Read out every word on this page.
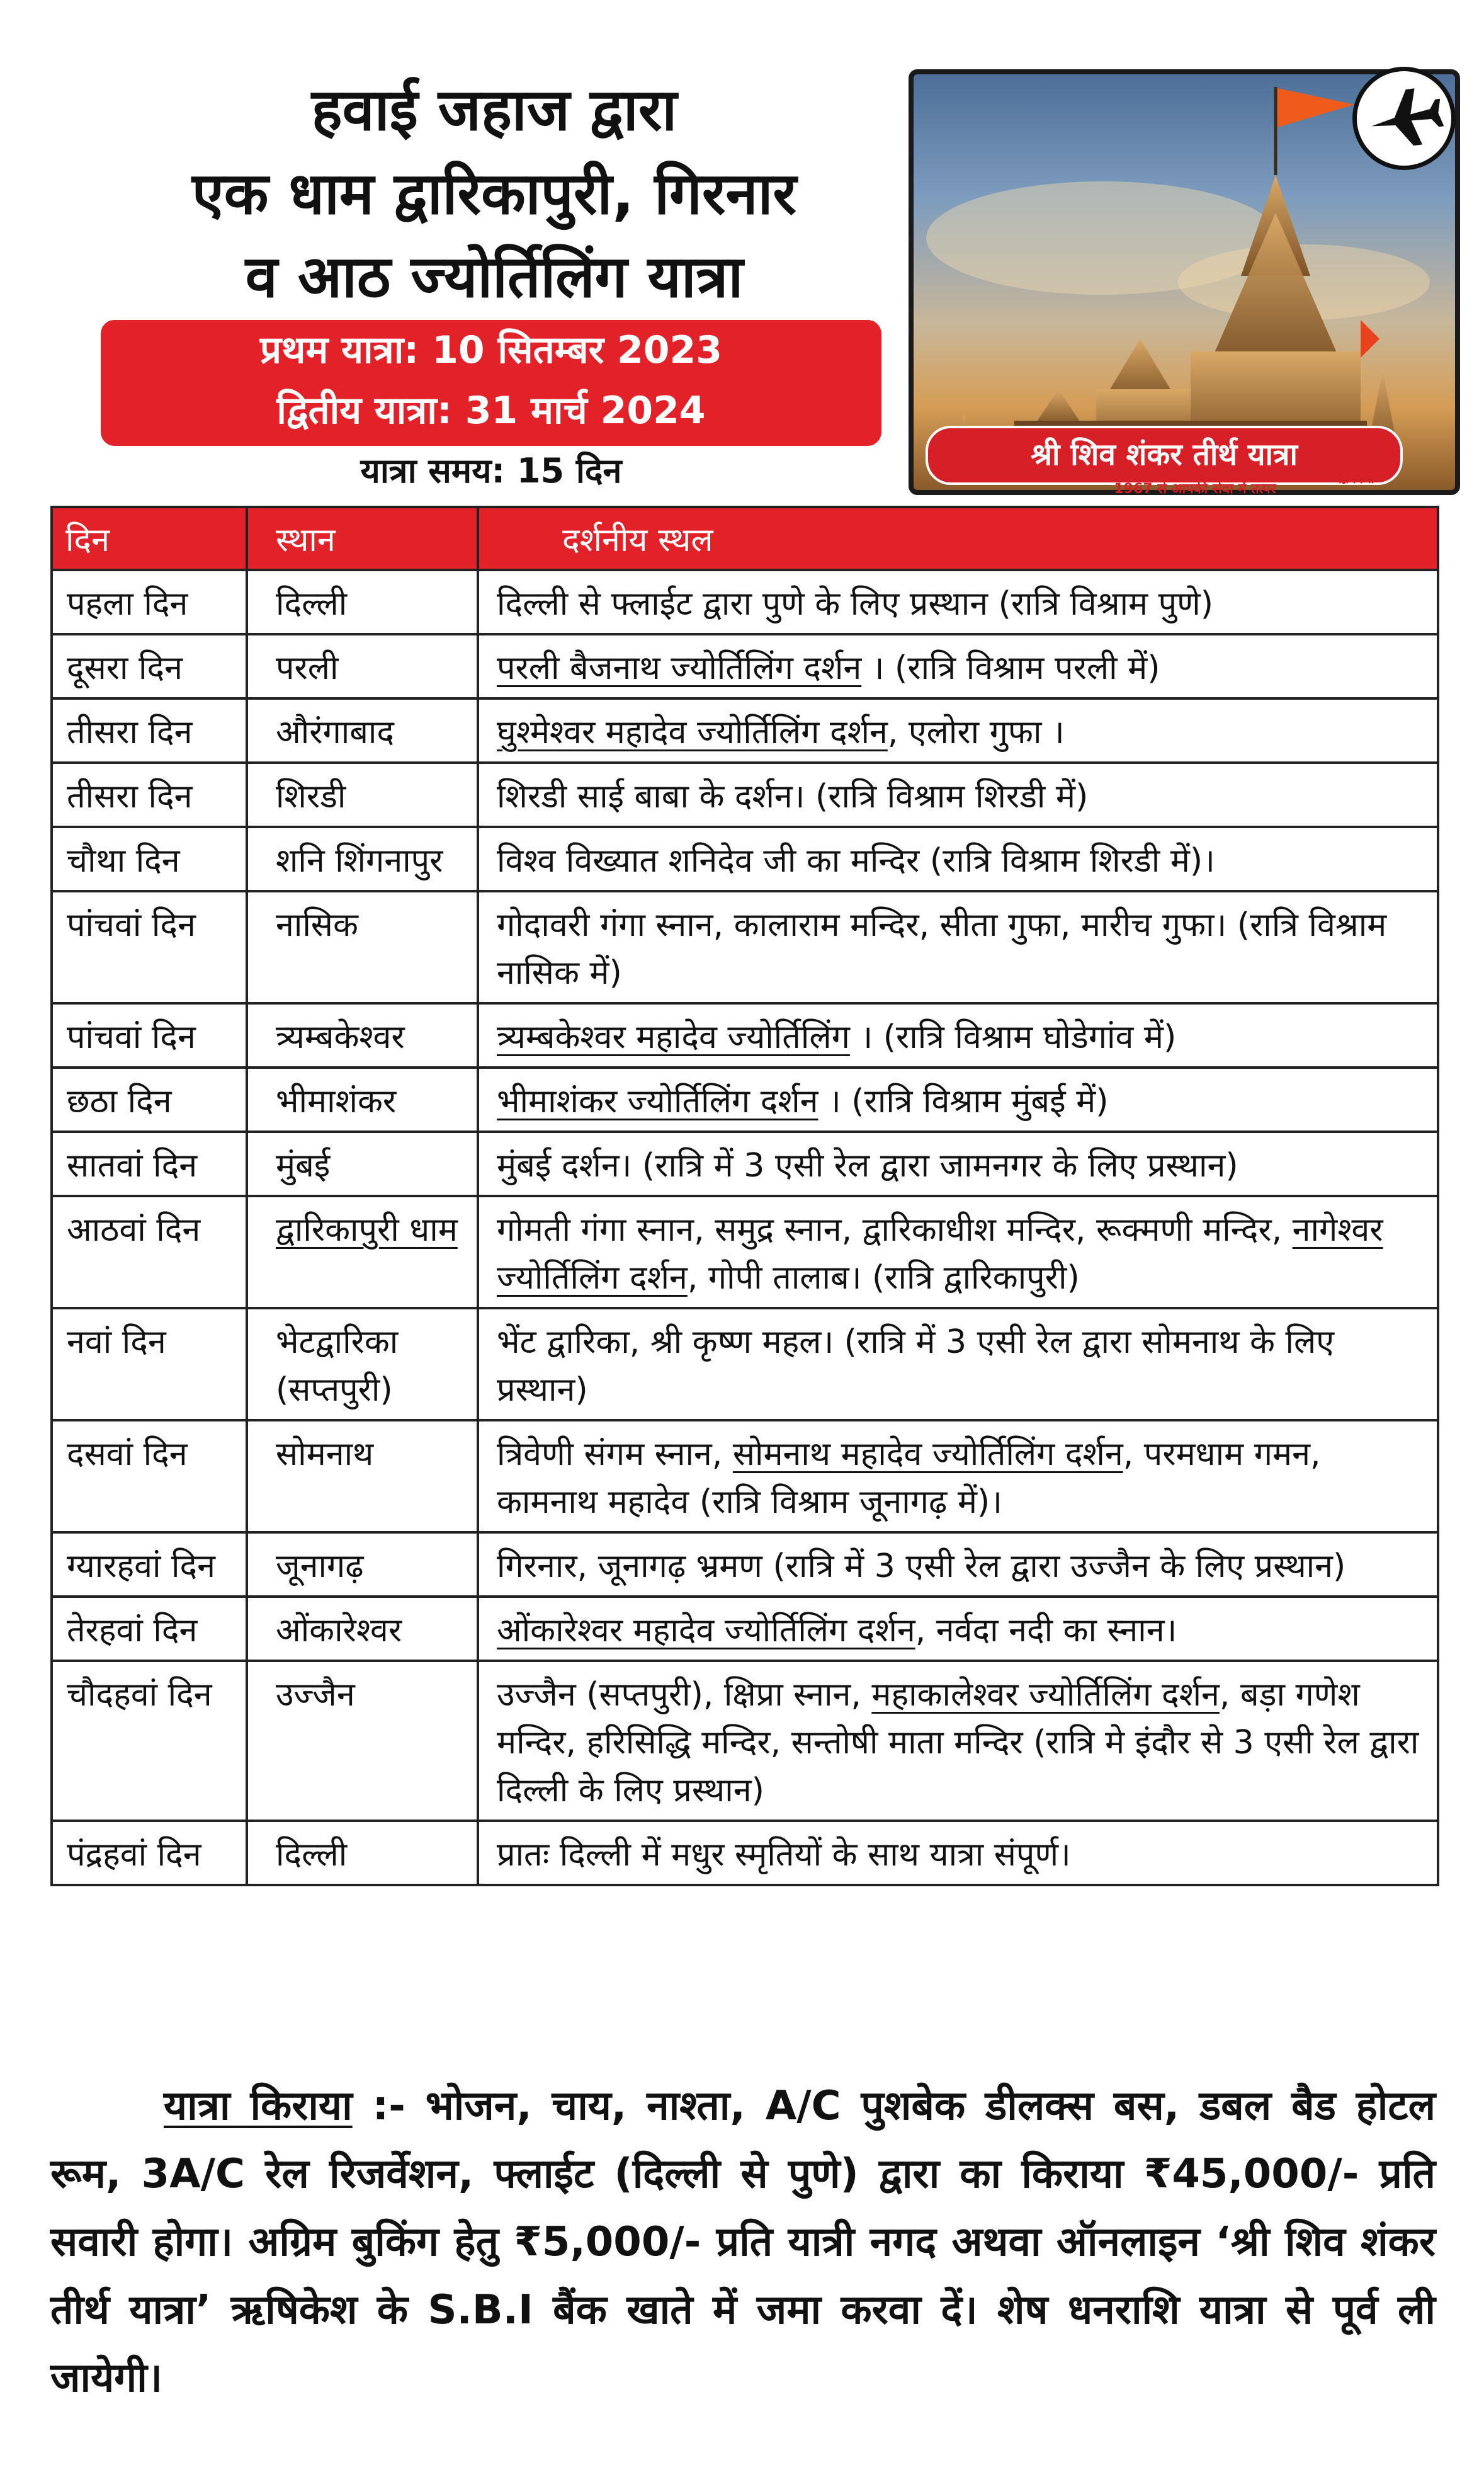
हवाई जहाज द्वारा
एक धाम द्वारिकापुरी, गिरनार
व आठ ज्योर्तिलिंग यात्रा
प्रथम यात्रा: 10 सितम्बर 2023
द्वितीय यात्रा: 31 मार्च 2024
यात्रा समय: 15 दिन	श्री शिव शंकर तीर्थ यात्रा
ऋषिकेश
1967 से आपकी सेवा में तत्पर
दिन	स्थान	दर्शनीय स्थल
पहला दिन	दिल्ली	दिल्ली से फ्लाईट द्वारा पुणे के लिए प्रस्थान (रात्रि विश्राम पुणे)
दूसरा दिन	परली	परली बैजनाथ ज्योर्तिलिंग दर्शन । (रात्रि विश्राम परली में)
तीसरा दिन	औरंगाबाद	घुश्मेश्वर महादेव ज्योर्तिलिंग दर्शन, एलोरा गुफा ।
तीसरा दिन	शिरडी	शिरडी साई बाबा के दर्शन। (रात्रि विश्राम शिरडी में)
चौथा दिन	शनि शिंगनापुर	विश्व विख्यात शनिदेव जी का मन्दिर (रात्रि विश्राम शिरडी में)।
पांचवां दिन	नासिक	गोदावरी गंगा स्नान, कालाराम मन्दिर, सीता गुफा, मारीच गुफा। (रात्रि विश्राम नासिक में)
पांचवां दिन	त्र्यम्बकेश्वर	त्र्यम्बकेश्वर महादेव ज्योर्तिलिंग । (रात्रि विश्राम घोडेगांव में)
छठा दिन	भीमाशंकर	भीमाशंकर ज्योर्तिलिंग दर्शन । (रात्रि विश्राम मुंबई में)
सातवां दिन	मुंबई	मुंबई दर्शन। (रात्रि में 3 एसी रेल द्वारा जामनगर के लिए प्रस्थान)
आठवां दिन	द्वारिकापुरी धाम	गोमती गंगा स्नान, समुद्र स्नान, द्वारिकाधीश मन्दिर, रूक्मणी मन्दिर, नागेश्वर ज्योर्तिलिंग दर्शन, गोपी तालाब। (रात्रि द्वारिकापुरी)
नवां दिन	भेटद्वारिका (सप्तपुरी)	भेंट द्वारिका, श्री कृष्ण महल। (रात्रि में 3 एसी रेल द्वारा सोमनाथ के लिए प्रस्थान)
दसवां दिन	सोमनाथ	त्रिवेणी संगम स्नान, सोमनाथ महादेव ज्योर्तिलिंग दर्शन, परमधाम गमन, कामनाथ महादेव (रात्रि विश्राम जूनागढ़ में)।
ग्यारहवां दिन	जूनागढ़	गिरनार, जूनागढ़ भ्रमण (रात्रि में 3 एसी रेल द्वारा उज्जैन के लिए प्रस्थान)
तेरहवां दिन	ओंकारेश्वर	ओंकारेश्वर महादेव ज्योर्तिलिंग दर्शन, नर्वदा नदी का स्नान।
चौदहवां दिन	उज्जैन	उज्जैन (सप्तपुरी), क्षिप्रा स्नान, महाकालेश्वर ज्योर्तिलिंग दर्शन, बड़ा गणेश मन्दिर, हरिसिद्धि मन्दिर, सन्तोषी माता मन्दिर (रात्रि मे इंदौर से 3 एसी रेल द्वारा दिल्ली के लिए प्रस्थान)
पंद्रहवां दिन	दिल्ली	प्रातः दिल्ली में मधुर स्मृतियों के साथ यात्रा संपूर्ण।
यात्रा किराया :- भोजन, चाय, नाश्ता, A/C पुशबेक डीलक्स बस, डबल बैड होटल रूम, 3A/C रेल रिजर्वेशन, फ्लाईट (दिल्ली से पुणे) द्वारा का किराया ₹45,000/- प्रति सवारी होगा। अग्रिम बुकिंग हेतु ₹5,000/- प्रति यात्री नगद अथवा ऑनलाइन ‘श्री शिव शंकर तीर्थ यात्रा’ ऋषिकेश के S.B.I बैंक खाते में जमा करवा दें। शेष धनराशि यात्रा से पूर्व ली जायेगी।
